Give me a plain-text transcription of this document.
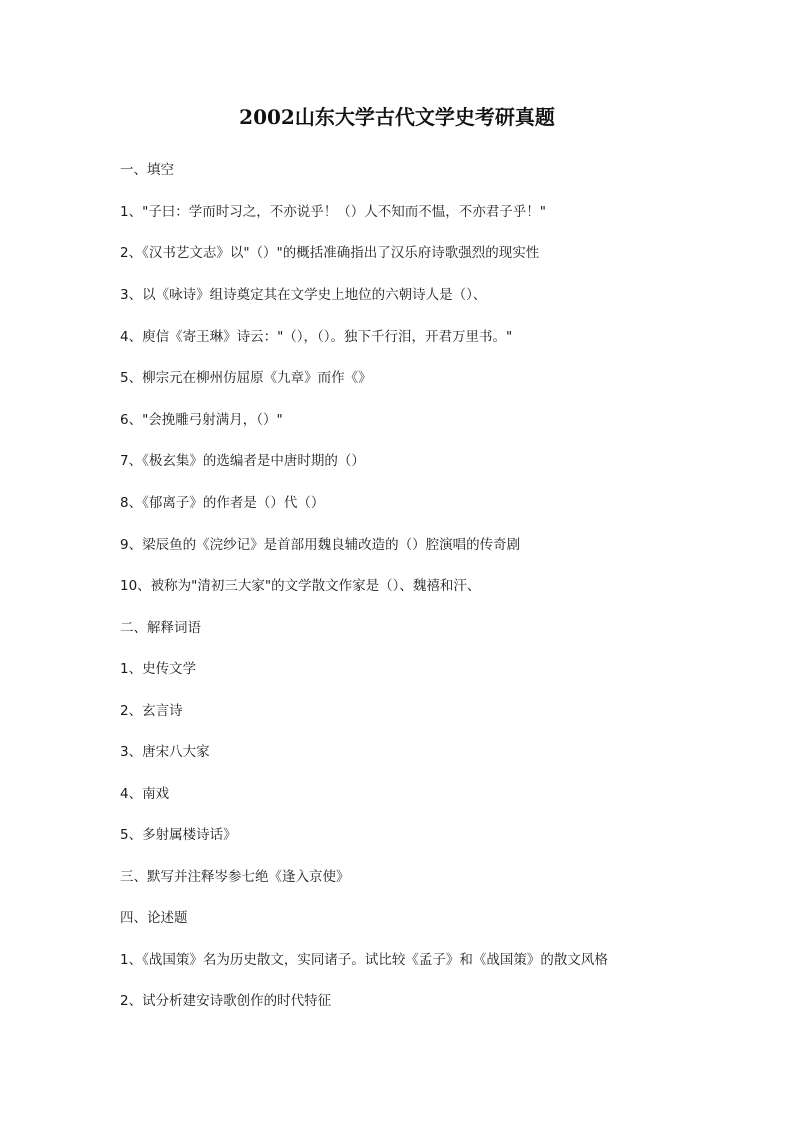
2002山东大学古代文学史考研真题
一、填空
1、"子曰：学而时习之，不亦说乎！（）人不知而不愠，不亦君子乎！"
2、《汉书艺文志》以"（）"的概括准确指出了汉乐府诗歌强烈的现实性
3、以《咏诗》组诗奠定其在文学史上地位的六朝诗人是（）、
4、庾信《寄王琳》诗云："（），（）。独下千行泪，开君万里书。"
5、柳宗元在柳州仿屈原《九章》而作《》
6、"会挽雕弓射满月，（）"
7、《极玄集》的选编者是中唐时期的（）
8、《郁离子》的作者是（）代（）
9、梁辰鱼的《浣纱记》是首部用魏良辅改造的（）腔演唱的传奇剧
10、被称为"清初三大家"的文学散文作家是（）、魏禧和汗、
二、解释词语
1、史传文学
2、玄言诗
3、唐宋八大家
4、南戏
5、多射属楼诗话》
三、默写并注释岑参七绝《逢入京使》
四、论述题
1、《战国策》名为历史散文，实同诸子。试比较《孟子》和《战国策》的散文风格
2、试分析建安诗歌创作的时代特征
